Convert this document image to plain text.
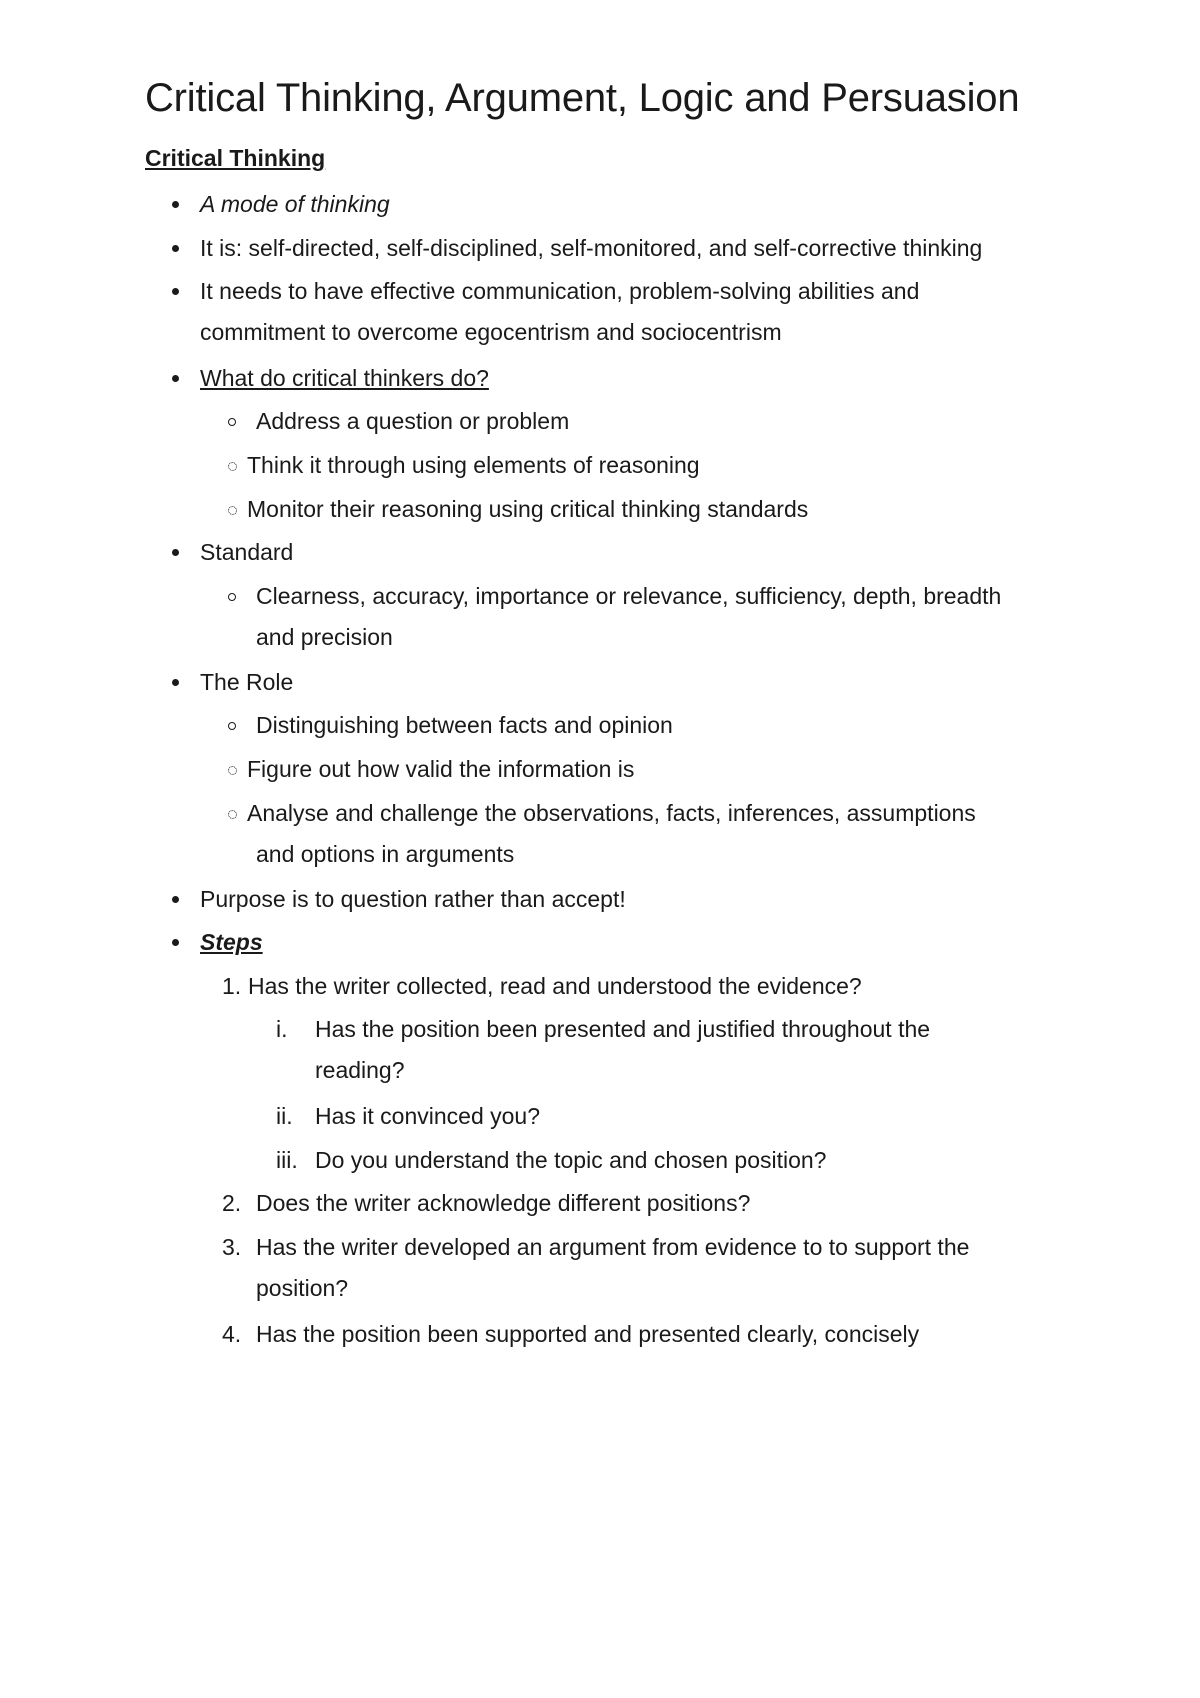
Critical Thinking, Argument, Logic and Persuasion
Critical Thinking
A mode of thinking
It is: self-directed, self-disciplined, self-monitored, and self-corrective thinking
It needs to have effective communication, problem-solving abilities and
commitment to overcome egocentrism and sociocentrism
What do critical thinkers do?
Address a question or problem
Think it through using elements of reasoning
Monitor their reasoning using critical thinking standards
Standard
Clearness, accuracy, importance or relevance, sufficiency, depth, breadth
and precision
The Role
Distinguishing between facts and opinion
Figure out how valid the information is
Analyse and challenge the observations, facts, inferences, assumptions
and options in arguments
Purpose is to question rather than accept!
Steps
1. Has the writer collected, read and understood the evidence?
i. Has the position been presented and justified throughout the
reading?
ii. Has it convinced you?
iii. Do you understand the topic and chosen position?
2. Does the writer acknowledge different positions?
3. Has the writer developed an argument from evidence to to support the
position?
4. Has the position been supported and presented clearly, concisely
